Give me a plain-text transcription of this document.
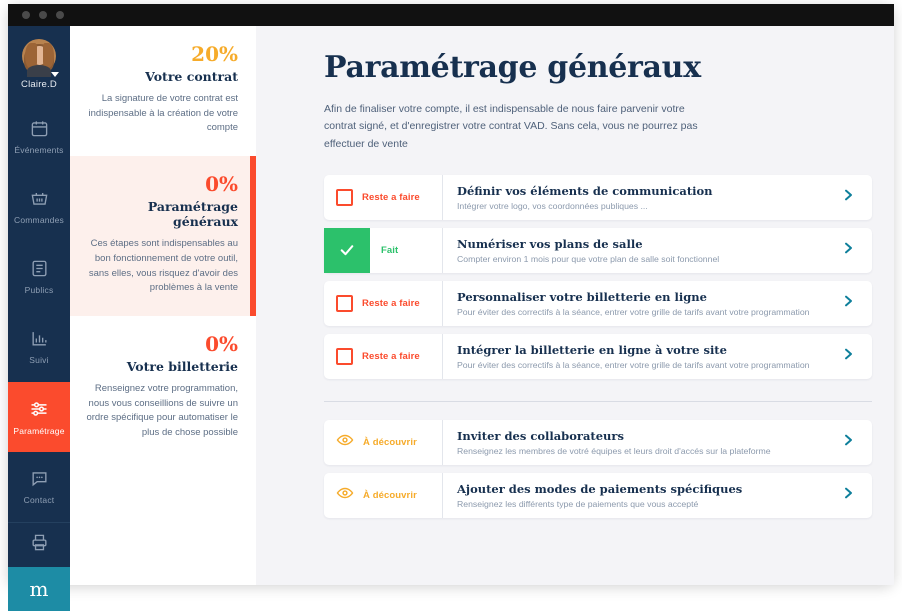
Claire.D
Événements
Commandes
Publics
Suivi
Paramétrage
Contact
m
20%
Votre contrat
La signature de votre contrat est indispensable à la création de votre compte
0%
Paramétrage généraux
Ces étapes sont indispensables au bon fonctionnement de votre outil, sans elles, vous risquez d'avoir des problèmes à la vente
0%
Votre billetterie
Renseignez votre programmation, nous vous conseillions de suivre un ordre spécifique pour automatiser le plus de chose possible
Paramétrage généraux
Afin de finaliser votre compte, il est indispensable de nous faire parvenir votre contrat signé, et d'enregistrer votre contrat VAD. Sans cela, vous ne pourrez pas effectuer de vente
Reste a faire	Définir vos éléments de communication
Intégrer votre logo, vos coordonnées publiques ...
Fait	Numériser vos plans de salle
Compter environ 1 mois pour que votre plan de salle soit fonctionnel
Reste a faire	Personnaliser votre billetterie en ligne
Pour éviter des correctifs à la séance, entrer votre grille de tarifs avant votre programmation
Reste a faire	Intégrer la billetterie en ligne à votre site
Pour éviter des correctifs à la séance, entrer votre grille de tarifs avant votre programmation
À découvrir	Inviter des collaborateurs
Renseignez les membres de votré équipes et leurs droit d'accés sur la plateforme
À découvrir	Ajouter des modes de paiements spécifiques
Renseignez les différents type de paiements que vous accepté
